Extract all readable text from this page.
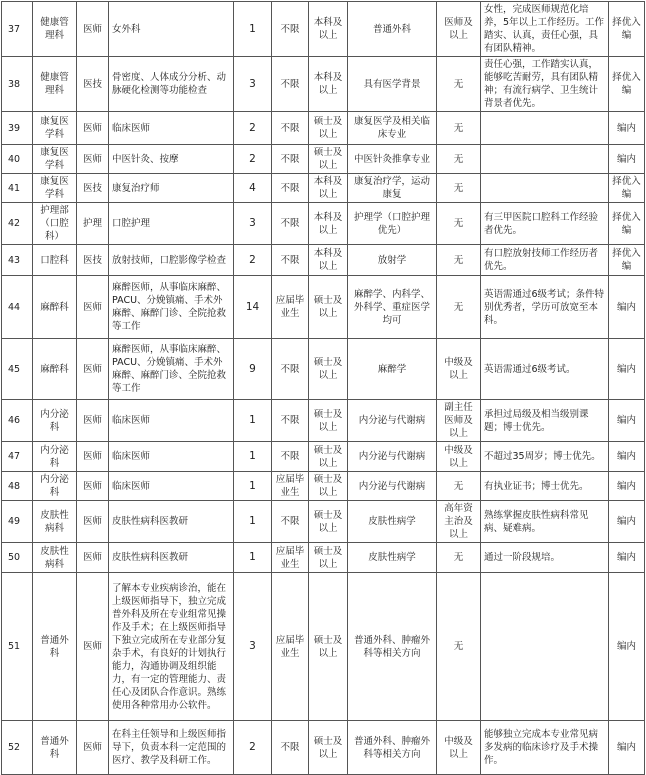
37	健康管理科	医师	女外科	1	不限	本科及以上	普通外科	医师及以上	女性，完成医师规范化培养，5年以上工作经历。工作踏实、认真，责任心强，具有团队精神。	择优入编
38	健康管理科	医技	骨密度、人体成分分析、动脉硬化检测等功能检查	3	不限	本科及以上	具有医学背景	无	责任心强，工作踏实认真，能够吃苦耐劳，具有团队精神；有流行病学、卫生统计背景者优先。	择优入编
39	康复医学科	医师	临床医师	2	不限	硕士及以上	康复医学及相关临床专业	无		编内
40	康复医学科	医师	中医针灸、按摩	2	不限	硕士及以上	中医针灸推拿专业	无		编内
41	康复医学科	医技	康复治疗师	4	不限	本科及以上	康复治疗学，运动康复	无		择优入编
42	护理部（口腔科）	护理	口腔护理	3	不限	本科及以上	护理学（口腔护理优先）	无	有三甲医院口腔科工作经验者优先。	择优入编
43	口腔科	医技	放射技师，口腔影像学检查	2	不限	本科及以上	放射学	无	有口腔放射技师工作经历者优先。	择优入编
44	麻醉科	医师	麻醉医师，从事临床麻醉、PACU、分娩镇痛、手术外麻醉、麻醉门诊、全院抢救等工作	14	应届毕业生	硕士及以上	麻醉学、内科学、外科学、重症医学均可	无	英语需通过6级考试；条件特别优秀者，学历可放宽至本科。	编内
45	麻醉科	医师	麻醉医师，从事临床麻醉、PACU、分娩镇痛、手术外麻醉、麻醉门诊、全院抢救等工作	9	不限	硕士及以上	麻醉学	中级及以上	英语需通过6级考试。	编内
46	内分泌科	医师	临床医师	1	不限	硕士及以上	内分泌与代谢病	副主任医师及以上	承担过局级及相当级别课题；博士优先。	编内
47	内分泌科	医师	临床医师	1	不限	硕士及以上	内分泌与代谢病	中级及以上	不超过35周岁；博士优先。	编内
48	内分泌科	医师	临床医师	1	应届毕业生	硕士及以上	内分泌与代谢病	无	有执业证书；博士优先。	编内
49	皮肤性病科	医师	皮肤性病科医教研	1	不限	硕士及以上	皮肤性病学	高年资主治及以上	熟练掌握皮肤性病科常见病、疑难病。	编内
50	皮肤性病科	医师	皮肤性病科医教研	1	应届毕业生	硕士及以上	皮肤性病学	无	通过一阶段规培。	编内
51	普通外科	医师	了解本专业疾病诊治，能在上级医师指导下，独立完成普外科及所在专业组常见操作及手术；在上级医师指导下独立完成所在专业部分复杂手术，有良好的计划执行能力，沟通协调及组织能力，有一定的管理能力、责任心及团队合作意识。熟练使用各种常用办公软件。	3	应届毕业生	硕士及以上	普通外科、肿瘤外科等相关方向	无		编内
52	普通外科	医师	在科主任领导和上级医师指导下，负责本科一定范围的医疗、教学及科研工作。	2	不限	硕士及以上	普通外科、肿瘤外科等相关方向	中级及以上	能够独立完成本专业常见病多发病的临床诊疗及手术操作。	编内
